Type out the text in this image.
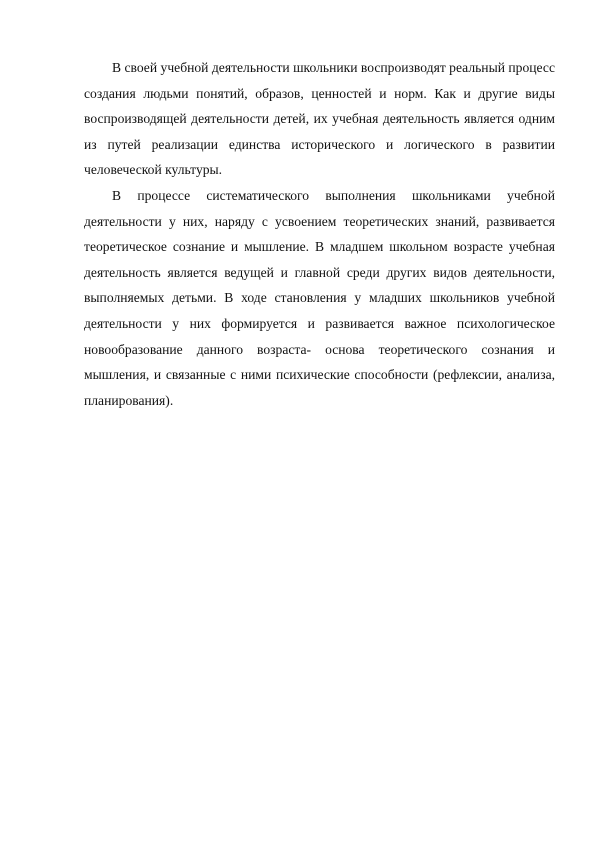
В своей учебной деятельности школьники воспроизводят реальный процесс создания людьми понятий, образов, ценностей и норм. Как и другие виды воспроизводящей деятельности детей, их учебная деятельность является одним из путей реализации единства исторического и логического в развитии человеческой культуры.

В процессе систематического выполнения школьниками учебной деятельности у них, наряду с усвоением теоретических знаний, развивается теоретическое сознание и мышление. В младшем школьном возрасте учебная деятельность является ведущей и главной среди других видов деятельности, выполняемых детьми. В ходе становления у младших школьников учебной деятельности у них формируется и развивается важное психологическое новообразование данного возраста- основа теоретического сознания и мышления, и связанные с ними психические способности (рефлексии, анализа, планирования).
